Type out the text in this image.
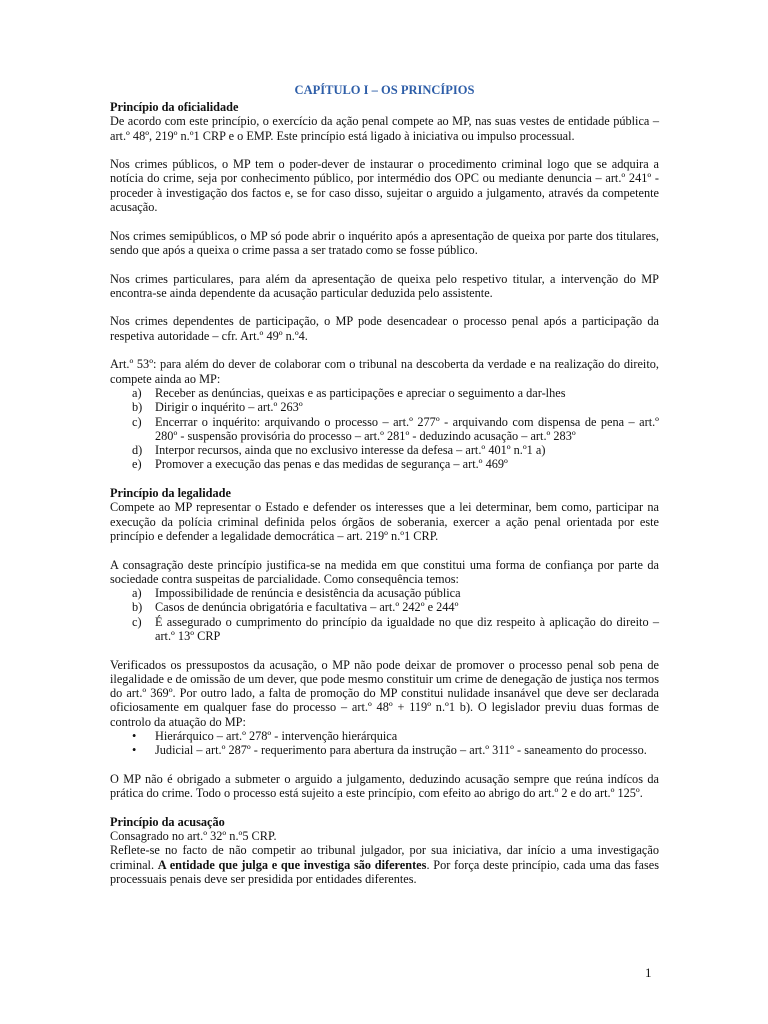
CAPÍTULO I – OS PRINCÍPIOS
Princípio da oficialidade

De acordo com este princípio, o exercício da ação penal compete ao MP, nas suas vestes de entidade pública – art.º 48º, 219º n.º1 CRP e o EMP. Este princípio está ligado à iniciativa ou impulso processual.

Nos crimes públicos, o MP tem o poder-dever de instaurar o procedimento criminal logo que se adquira a notícia do crime, seja por conhecimento público, por intermédio dos OPC ou mediante denuncia – art.º 241º - proceder à investigação dos factos e, se for caso disso, sujeitar o arguido a julgamento, através da competente acusação.

Nos crimes semipúblicos, o MP só pode abrir o inquérito após a apresentação de queixa por parte dos titulares, sendo que após a queixa o crime passa a ser tratado como se fosse público.

Nos crimes particulares, para além da apresentação de queixa pelo respetivo titular, a intervenção do MP encontra-se ainda dependente da acusação particular deduzida pelo assistente.

Nos crimes dependentes de participação, o MP pode desencadear o processo penal após a participação da respetiva autoridade – cfr. Art.º 49º n.º4.

Art.º 53º: para além do dever de colaborar com o tribunal na descoberta da verdade e na realização do direito, compete ainda ao MP:

a) Receber as denúncias, queixas e as participações e apreciar o seguimento a dar-lhes
b) Dirigir o inquérito – art.º 263º
c) Encerrar o inquérito: arquivando o processo – art.º 277º - arquivando com dispensa de pena – art.º 280º - suspensão provisória do processo – art.º 281º - deduzindo acusação – art.º 283º
d) Interpor recursos, ainda que no exclusivo interesse da defesa – art.º 401º n.º1 a)
e) Promover a execução das penas e das medidas de segurança – art.º 469º
Princípio da legalidade

Compete ao MP representar o Estado e defender os interesses que a lei determinar, bem como, participar na execução da polícia criminal definida pelos órgãos de soberania, exercer a ação penal orientada por este princípio e defender a legalidade democrática – art. 219º n.º1 CRP.

A consagração deste princípio justifica-se na medida em que constitui uma forma de confiança por parte da sociedade contra suspeitas de parcialidade. Como consequência temos:

a) Impossibilidade de renúncia e desistência da acusação pública
b) Casos de denúncia obrigatória e facultativa – art.º 242º e 244º
c) É assegurado o cumprimento do princípio da igualdade no que diz respeito à aplicação do direito – art.º 13º CRP

Verificados os pressupostos da acusação, o MP não pode deixar de promover o processo penal sob pena de ilegalidade e de omissão de um dever, que pode mesmo constituir um crime de denegação de justiça nos termos do art.º 369º. Por outro lado, a falta de promoção do MP constitui nulidade insanável que deve ser declarada oficiosamente em qualquer fase do processo – art.º 48º + 119º n.º1 b). O legislador previu duas formas de controlo da atuação do MP:

• Hierárquico – art.º 278º - intervenção hierárquica
• Judicial – art.º 287º - requerimento para abertura da instrução – art.º 311º - saneamento do processo.

O MP não é obrigado a submeter o arguido a julgamento, deduzindo acusação sempre que reúna indícos da prática do crime. Todo o processo está sujeito a este princípio, com efeito ao abrigo do art.º 2 e do art.º 125º.

Princípio da acusação

Consagrado no art.º 32º n.º5 CRP.

Reflete-se no facto de não competir ao tribunal julgador, por sua iniciativa, dar início a uma investigação criminal. A entidade que julga e que investiga são diferentes. Por força deste princípio, cada uma das fases processuais penais deve ser presidida por entidades diferentes.

1
